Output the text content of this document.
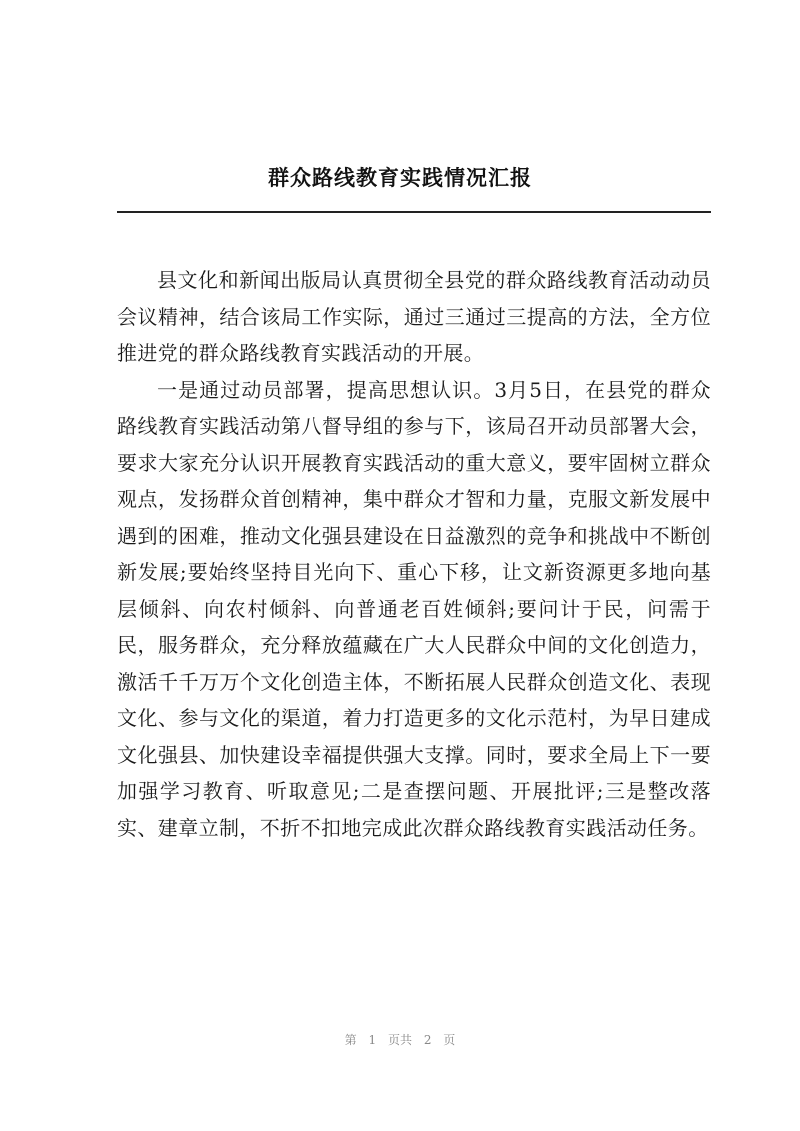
群众路线教育实践情况汇报

县文化和新闻出版局认真贯彻全县党的群众路线教育活动动员会议精神，结合该局工作实际，通过三通过三提高的方法，全方位推进党的群众路线教育实践活动的开展。

一是通过动员部署，提高思想认识。3月5日，在县党的群众路线教育实践活动第八督导组的参与下，该局召开动员部署大会，要求大家充分认识开展教育实践活动的重大意义，要牢固树立群众观点，发扬群众首创精神，集中群众才智和力量，克服文新发展中遇到的困难，推动文化强县建设在日益激烈的竞争和挑战中不断创新发展;要始终坚持目光向下、重心下移，让文新资源更多地向基层倾斜、向农村倾斜、向普通老百姓倾斜;要问计于民，问需于民，服务群众，充分释放蕴藏在广大人民群众中间的文化创造力，激活千千万万个文化创造主体，不断拓展人民群众创造文化、表现文化、参与文化的渠道，着力打造更多的文化示范村，为早日建成文化强县、加快建设幸福提供强大支撑。同时，要求全局上下一要加强学习教育、听取意见;二是查摆问题、开展批评;三是整改落实、建章立制，不折不扣地完成此次群众路线教育实践活动任务。

第 1 页共 2 页
